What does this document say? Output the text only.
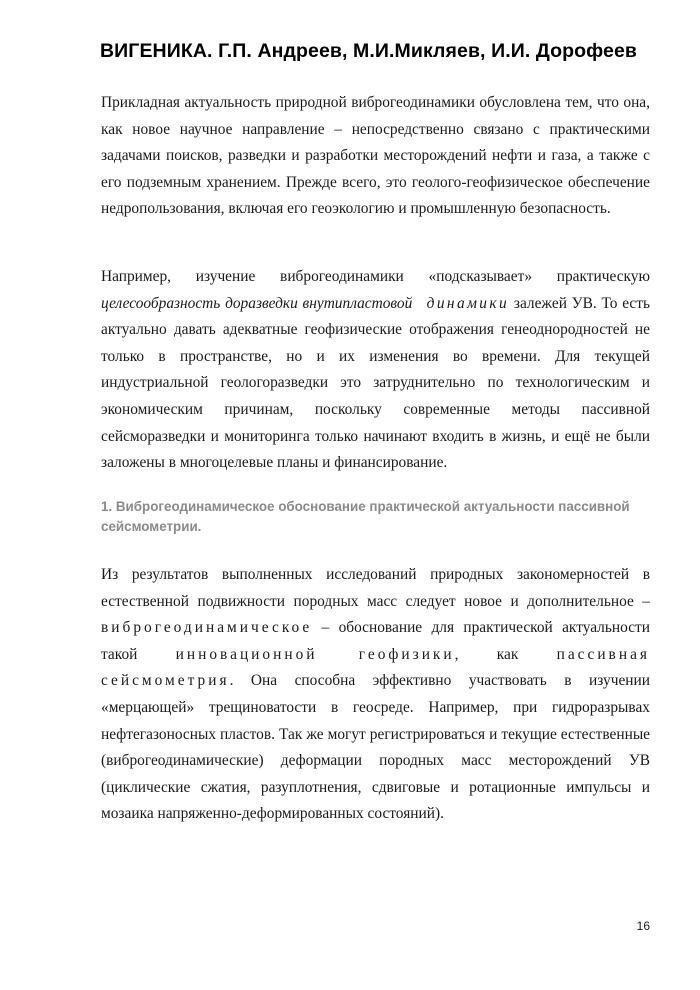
ВИГЕНИКА. Г.П. Андреев, М.И.Микляев, И.И. Дорофеев

Прикладная актуальность природной виброгеодинамики обусловлена тем, что она, как новое научное направление – непосредственно связано с практическими задачами поисков, разведки и разработки месторождений нефти и газа, а также с его подземным хранением. Прежде всего, это геолого-геофизическое обеспечение недропользования, включая его геоэкологию и промышленную безопасность.

Например, изучение виброгеодинамики «подсказывает» практическую целесообразность доразведки внутипластовой динамики залежей УВ. То есть актуально давать адекватные геофизические отображения генеоднородностей не только в пространстве, но и их изменения во времени. Для текущей индустриальной геологоразведки это затруднительно по технологическим и экономическим причинам, поскольку современные методы пассивной сейсморазведки и мониторинга только начинают входить в жизнь, и ещё не были заложены в многоцелевые планы и финансирование.

1. Виброгеодинамическое обоснование практической актуальности пассивной сейсмометрии.

Из результатов выполненных исследований природных закономерностей в естественной подвижности породных масс следует новое и дополнительное – виброгеодинамическое – обоснование для практической актуальности такой инновационной геофизики, как пассивная сейсмометрия. Она способна эффективно участвовать в изучении «мерцающей» трещиноватости в геосреде. Например, при гидроразрывах нефтегазоносных пластов. Так же могут регистрироваться и текущие естественные (виброгеодинамические) деформации породных масс месторождений УВ (циклические сжатия, разуплотнения, сдвиговые и ротационные импульсы и мозаика напряженно-деформированных состояний).

16
